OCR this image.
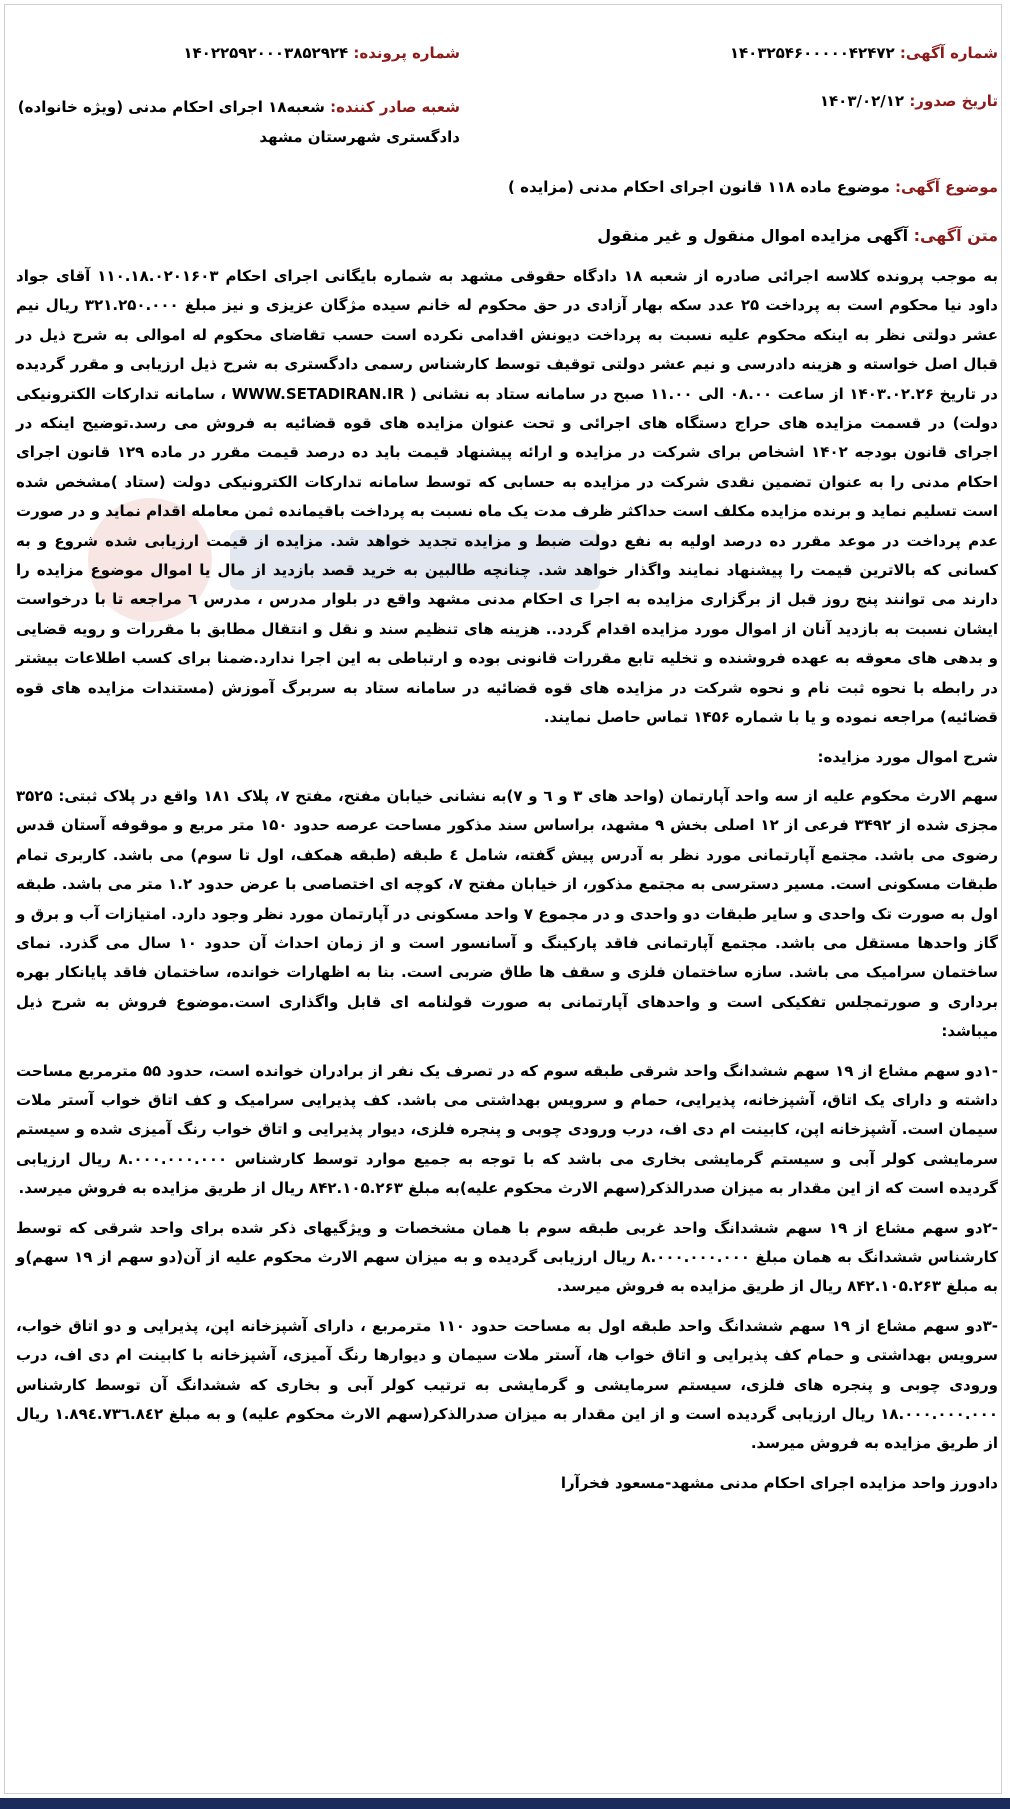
شماره آگهی: ۱۴۰۳۲۵۴۶۰۰۰۰۰۴۲۴۷۲
شماره پرونده: ۱۴۰۲۲۵۹۲۰۰۰۳۸۵۲۹۲۴
تاریخ صدور: ۱۴۰۳/۰۲/۱۲
شعبه صادر کننده: شعبه۱۸ اجرای احکام مدنی (ویژه خانواده) دادگستری شهرستان مشهد
موضوع آگهی: موضوع ماده ۱۱۸ قانون اجرای احکام مدنی (مزایده )
متن آگهی: آگهی مزایده اموال منقول و غیر منقول

به موجب پرونده کلاسه اجرائی صادره از شعبه ۱۸ دادگاه حقوقی مشهد به شماره بایگانی اجرای احکام ۱۱۰.۱۸.۰۲۰۱۶۰۳ آقای جواد داود نیا محکوم است به پرداخت ۲۵ عدد سکه بهار آزادی در حق محکوم له خانم سیده مژگان عزیزی و نیز مبلغ ۳۲۱.۲۵۰.۰۰۰ ریال نیم عشر دولتی نظر به اینکه محکوم علیه نسبت به پرداخت دیونش اقدامی نکرده است حسب تقاضای محکوم له اموالی به شرح ذیل در قبال اصل خواسته و هزینه دادرسی و نیم عشر دولتی توقیف توسط کارشناس رسمی دادگستری به شرح ذیل ارزیابی و مقرر گردیده در تاریخ ۱۴۰۳.۰۲.۲۶ از ساعت ۰۸.۰۰ الی ۱۱.۰۰ صبح در سامانه ستاد به نشانی ( WWW.SETADIRAN.IR ، سامانه تدارکات الکترونیکی دولت) در قسمت مزایده های حراج دستگاه های اجرائی و تحت عنوان مزایده های قوه قضائیه به فروش می رسد.توضیح اینکه در اجرای قانون بودجه ۱۴۰۲ اشخاص برای شرکت در مزایده و ارائه پیشنهاد قیمت باید ده درصد قیمت مقرر در ماده ۱۲۹ قانون اجرای احکام مدنی را به عنوان تضمین نقدی شرکت در مزایده به حسابی که توسط سامانه تدارکات الکترونیکی دولت (ستاد )مشخص شده است تسلیم نماید و برنده مزایده مکلف است حداکثر ظرف مدت یک ماه نسبت به پرداخت باقیمانده ثمن معامله اقدام نماید و در صورت عدم پرداخت در موعد مقرر ده درصد اولیه به نفع دولت ضبط و مزایده تجدید خواهد شد. مزایده از قیمت ارزیابی شده شروع و به کسانی که بالاترین قیمت را پیشنهاد نمایند واگذار خواهد شد. چنانچه طالبین به خرید قصد بازدید از مال یا اموال موضوع مزایده را دارند می توانند پنج روز قبل از برگزاری مزایده به اجرا ی احکام مدنی مشهد واقع در بلوار مدرس ، مدرس ٦ مراجعه تا با درخواست ایشان نسبت به بازدید آنان از اموال مورد مزایده اقدام گردد.. هزینه های تنظیم سند و نقل و انتقال مطابق با مقررات و رویه قضایی و بدهی های معوقه به عهده فروشنده و تخلیه تابع مقررات قانونی بوده و ارتباطی به این اجرا ندارد.ضمنا برای کسب اطلاعات بیشتر در رابطه با نحوه ثبت نام و نحوه شرکت در مزایده های قوه قضائیه در سامانه ستاد به سربرگ آموزش (مستندات مزایده های قوه قضائیه) مراجعه نموده و یا با شماره ۱۴۵۶ تماس حاصل نمایند.

شرح اموال مورد مزایده:

سهم الارث محکوم علیه از سه واحد آپارتمان (واحد های ۳ و ٦ و ۷)به نشانی خیابان مفتح، مفتح ۷، پلاک ۱۸۱ واقع در پلاک ثبتی: ۳۵۲۵ مجزی شده از ۳۴۹۲ فرعی از ۱۲ اصلی بخش ۹ مشهد، براساس سند مذکور مساحت عرصه حدود ۱۵۰ متر مربع و موقوفه آستان قدس رضوی می باشد. مجتمع آپارتمانی مورد نظر به آدرس پیش گفته، شامل ٤ طبقه (طبقه همکف، اول تا سوم) می باشد. کاربری تمام طبقات مسکونی است. مسیر دسترسی به مجتمع مذکور، از خیابان مفتح ۷، کوچه ای اختصاصی با عرض حدود ۱.۲ متر می باشد. طبقه اول به صورت تک واحدی و سایر طبقات دو واحدی و در مجموع ۷ واحد مسکونی در آپارتمان مورد نظر وجود دارد. امتیازات آب و برق و گاز واحدها مستقل می باشد. مجتمع آپارتمانی فاقد پارکینگ و آسانسور است و از زمان احداث آن حدود ۱۰ سال می گذرد. نمای ساختمان سرامیک می باشد. سازه ساختمان فلزی و سقف ها طاق ضربی است. بنا به اظهارات خوانده، ساختمان فاقد پایانکار بهره برداری و صورتمجلس تفکیکی است و واحدهای آپارتمانی به صورت قولنامه ای قابل واگذاری است.موضوع فروش به شرح ذیل میباشد:

-۱دو سهم مشاع از ۱۹ سهم ششدانگ واحد شرقی طبقه سوم که در تصرف یک نفر از برادران خوانده است، حدود ۵۵ مترمربع مساحت داشته و دارای یک اتاق، آشپزخانه، پذیرایی، حمام و سرویس بهداشتی می باشد. کف پذیرایی سرامیک و کف اتاق خواب آستر ملات سیمان است. آشپزخانه اپن، کابینت ام دی اف، درب ورودی چوبی و پنجره فلزی، دیوار پذیرایی و اتاق خواب رنگ آمیزی شده و سیستم سرمایشی کولر آبی و سیستم گرمایشی بخاری می باشد که با توجه به جمیع موارد توسط کارشناس ۸.۰۰۰.۰۰۰.۰۰۰ ریال ارزیابی گردیده است که از این مقدار به میزان صدرالذکر(سهم الارث محکوم علیه)به مبلغ ۸۴۲.۱۰۵.۲۶۳ ریال از طریق مزایده به فروش میرسد.

-۲دو سهم مشاع از ۱۹ سهم ششدانگ واحد غربی طبقه سوم با همان مشخصات و ویژگیهای ذکر شده برای واحد شرقی که توسط کارشناس ششدانگ به همان مبلغ ۸.۰۰۰.۰۰۰.۰۰۰ ریال ارزیابی گردیده و به میزان سهم الارث محکوم علیه از آن(دو سهم از ۱۹ سهم)و به مبلغ ۸۴۲.۱۰۵.۲۶۳ ریال از طریق مزایده به فروش میرسد.

-۳دو سهم مشاع از ۱۹ سهم ششدانگ واحد طبقه اول به مساحت حدود ۱۱۰ مترمربع ، دارای آشپزخانه اپن، پذیرایی و دو اتاق خواب، سرویس بهداشتی و حمام کف پذیرایی و اتاق خواب ها، آستر ملات سیمان و دیوارها رنگ آمیزی، آشپزخانه با کابینت ام دی اف، درب ورودی چوبی و پنجره های فلزی، سیستم سرمایشی و گرمایشی به ترتیب کولر آبی و بخاری که ششدانگ آن توسط کارشناس ۱۸.۰۰۰.۰۰۰.۰۰۰ ریال ارزیابی گردیده است و از این مقدار به میزان صدرالذکر(سهم الارث محکوم علیه) و به مبلغ ۱.۸۹٤.۷۳٦.۸٤۲ ریال از طریق مزایده به فروش میرسد.

دادورز واحد مزایده اجرای احکام مدنی مشهد-مسعود فخرآرا
